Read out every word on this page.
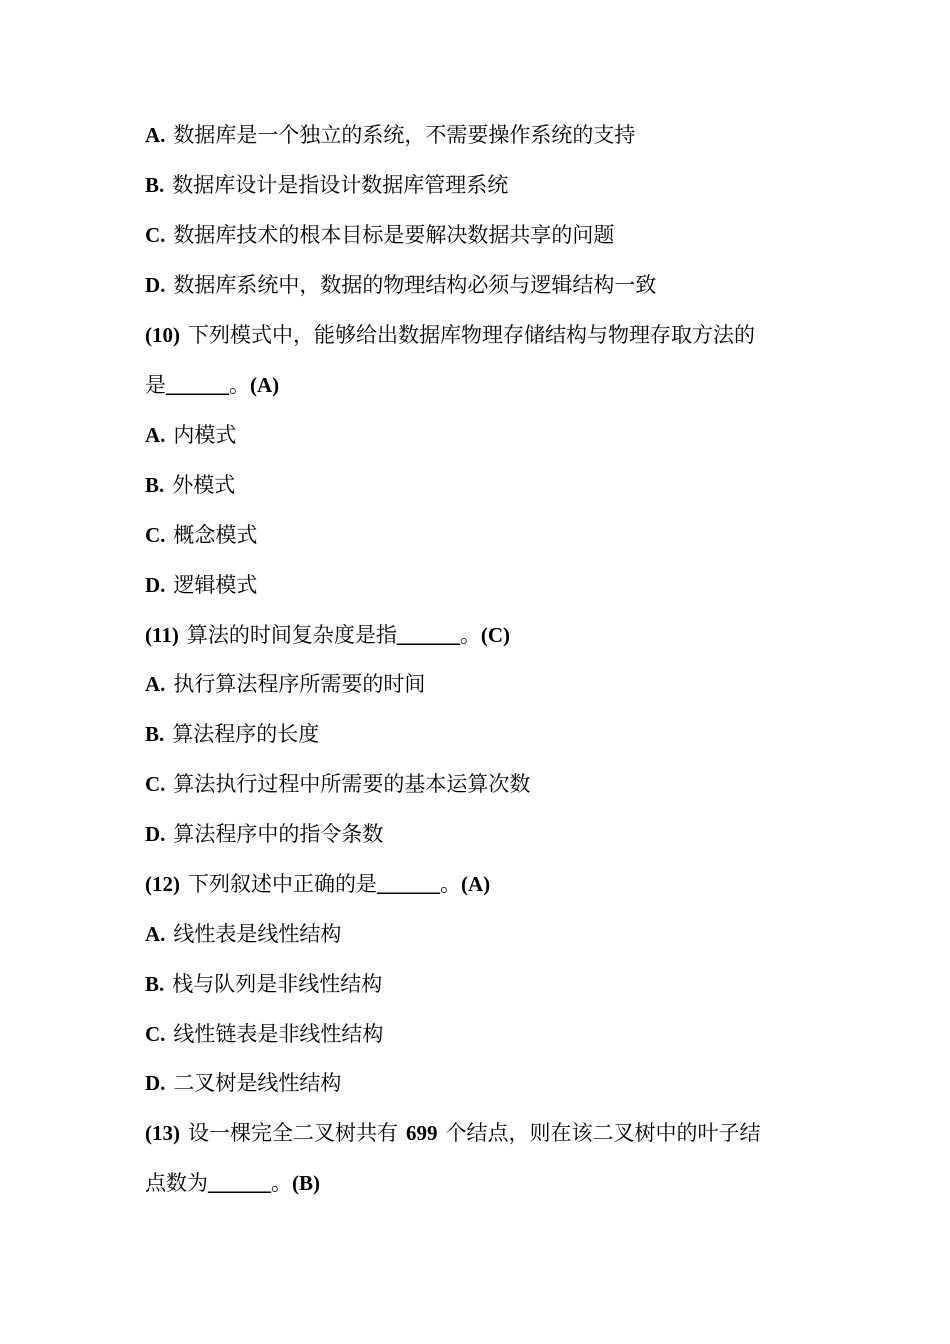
A. 数据库是一个独立的系统，不需要操作系统的支持
B. 数据库设计是指设计数据库管理系统
C. 数据库技术的根本目标是要解决数据共享的问题
D. 数据库系统中，数据的物理结构必须与逻辑结构一致
(10) 下列模式中，能够给出数据库物理存储结构与物理存取方法的
是______。(A)
A. 内模式
B. 外模式
C. 概念模式
D. 逻辑模式
(11) 算法的时间复杂度是指______。(C)
A. 执行算法程序所需要的时间
B. 算法程序的长度
C. 算法执行过程中所需要的基本运算次数
D. 算法程序中的指令条数
(12) 下列叙述中正确的是______。(A)
A. 线性表是线性结构
B. 栈与队列是非线性结构
C. 线性链表是非线性结构
D. 二叉树是线性结构
(13) 设一棵完全二叉树共有 699 个结点，则在该二叉树中的叶子结
点数为______。(B)
